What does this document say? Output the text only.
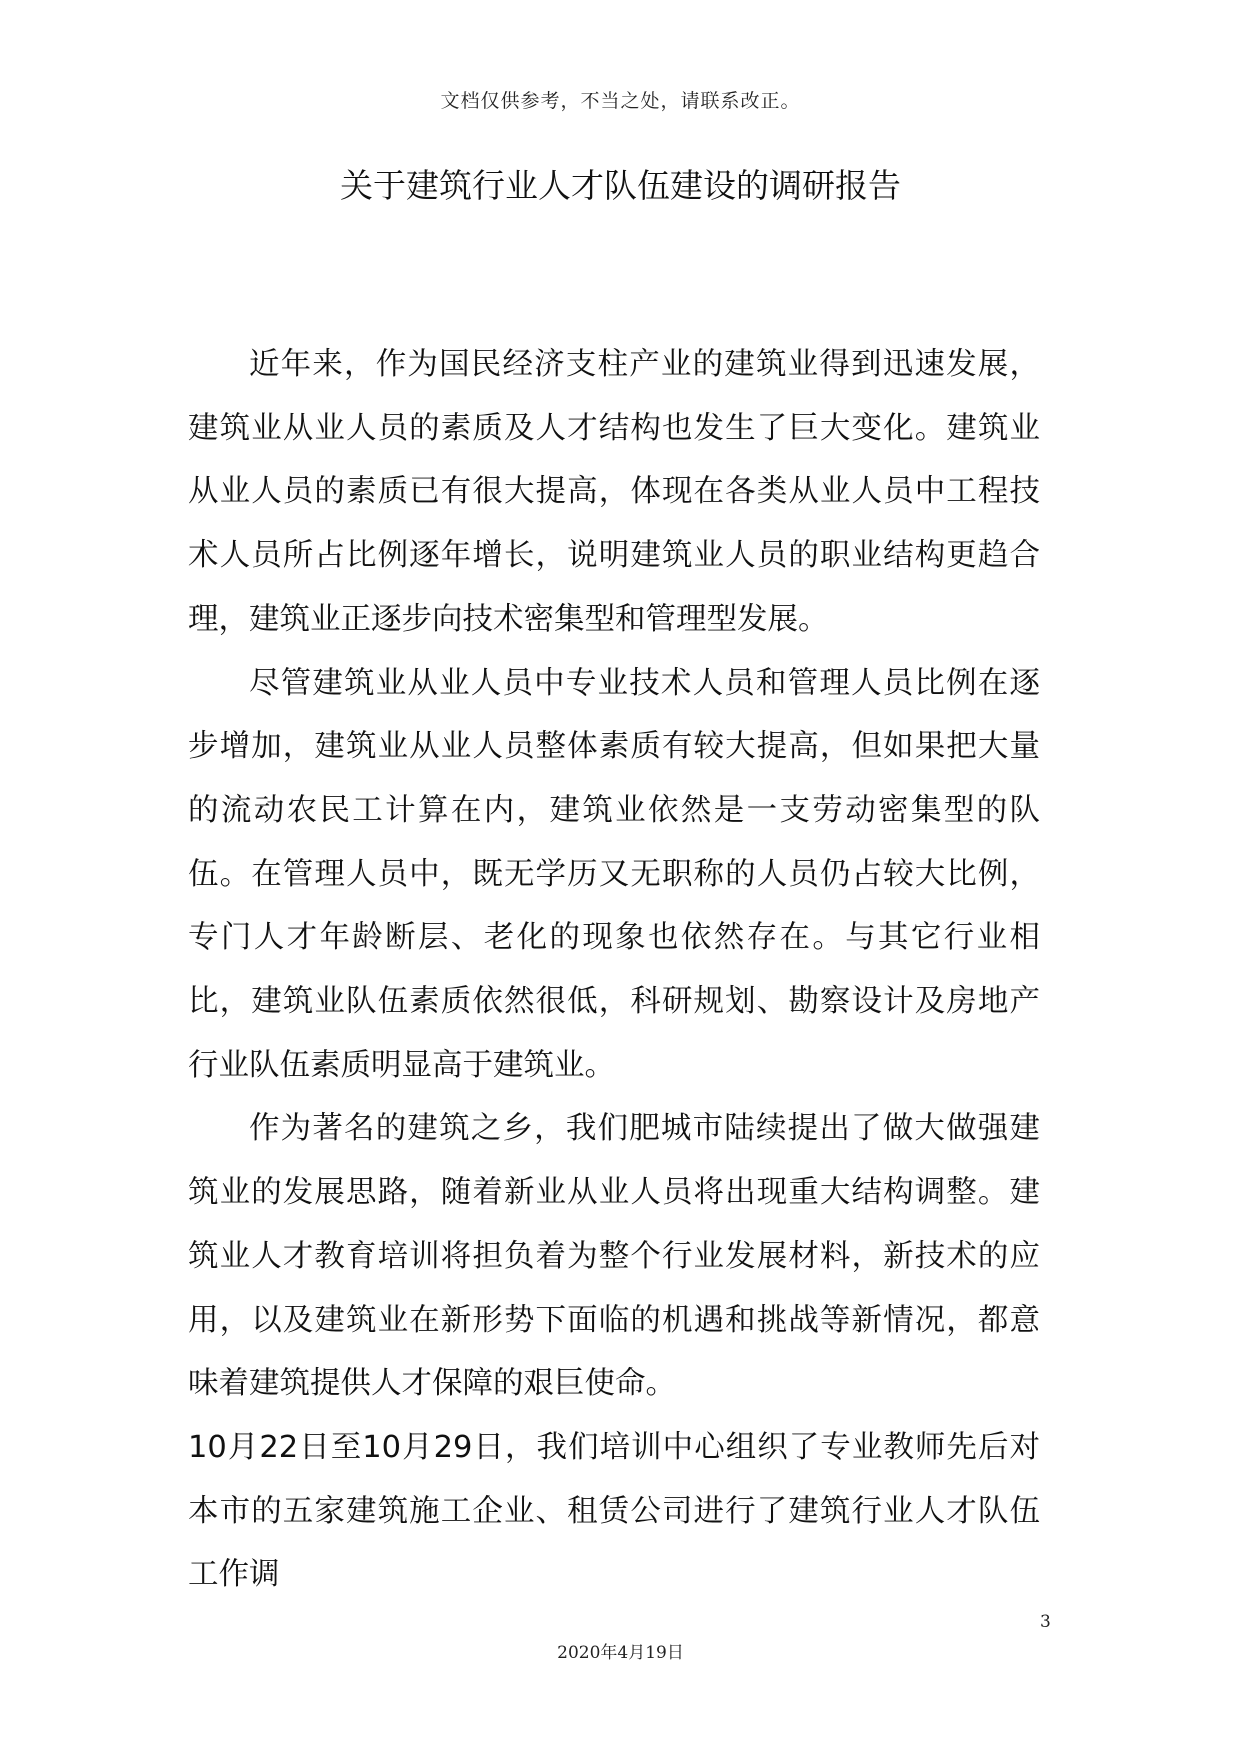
文档仅供参考，不当之处，请联系改正。
关于建筑行业人才队伍建设的调研报告

近年来，作为国民经济支柱产业的建筑业得到迅速发展，建筑业从业人员的素质及人才结构也发生了巨大变化。建筑业从业人员的素质已有很大提高，体现在各类从业人员中工程技术人员所占比例逐年增长，说明建筑业人员的职业结构更趋合理，建筑业正逐步向技术密集型和管理型发展。

尽管建筑业从业人员中专业技术人员和管理人员比例在逐步增加，建筑业从业人员整体素质有较大提高，但如果把大量的流动农民工计算在内，建筑业依然是一支劳动密集型的队伍。在管理人员中，既无学历又无职称的人员仍占较大比例，专门人才年龄断层、老化的现象也依然存在。与其它行业相比，建筑业队伍素质依然很低，科研规划、勘察设计及房地产行业队伍素质明显高于建筑业。

作为著名的建筑之乡，我们肥城市陆续提出了做大做强建筑业的发展思路，随着新业从业人员将出现重大结构调整。建筑业人才教育培训将担负着为整个行业发展材料，新技术的应用，以及建筑业在新形势下面临的机遇和挑战等新情况，都意味着建筑提供人才保障的艰巨使命。

10月22日至10月29日，我们培训中心组织了专业教师先后对本市的五家建筑施工企业、租赁公司进行了建筑行业人才队伍工作调

3
2020年4月19日
